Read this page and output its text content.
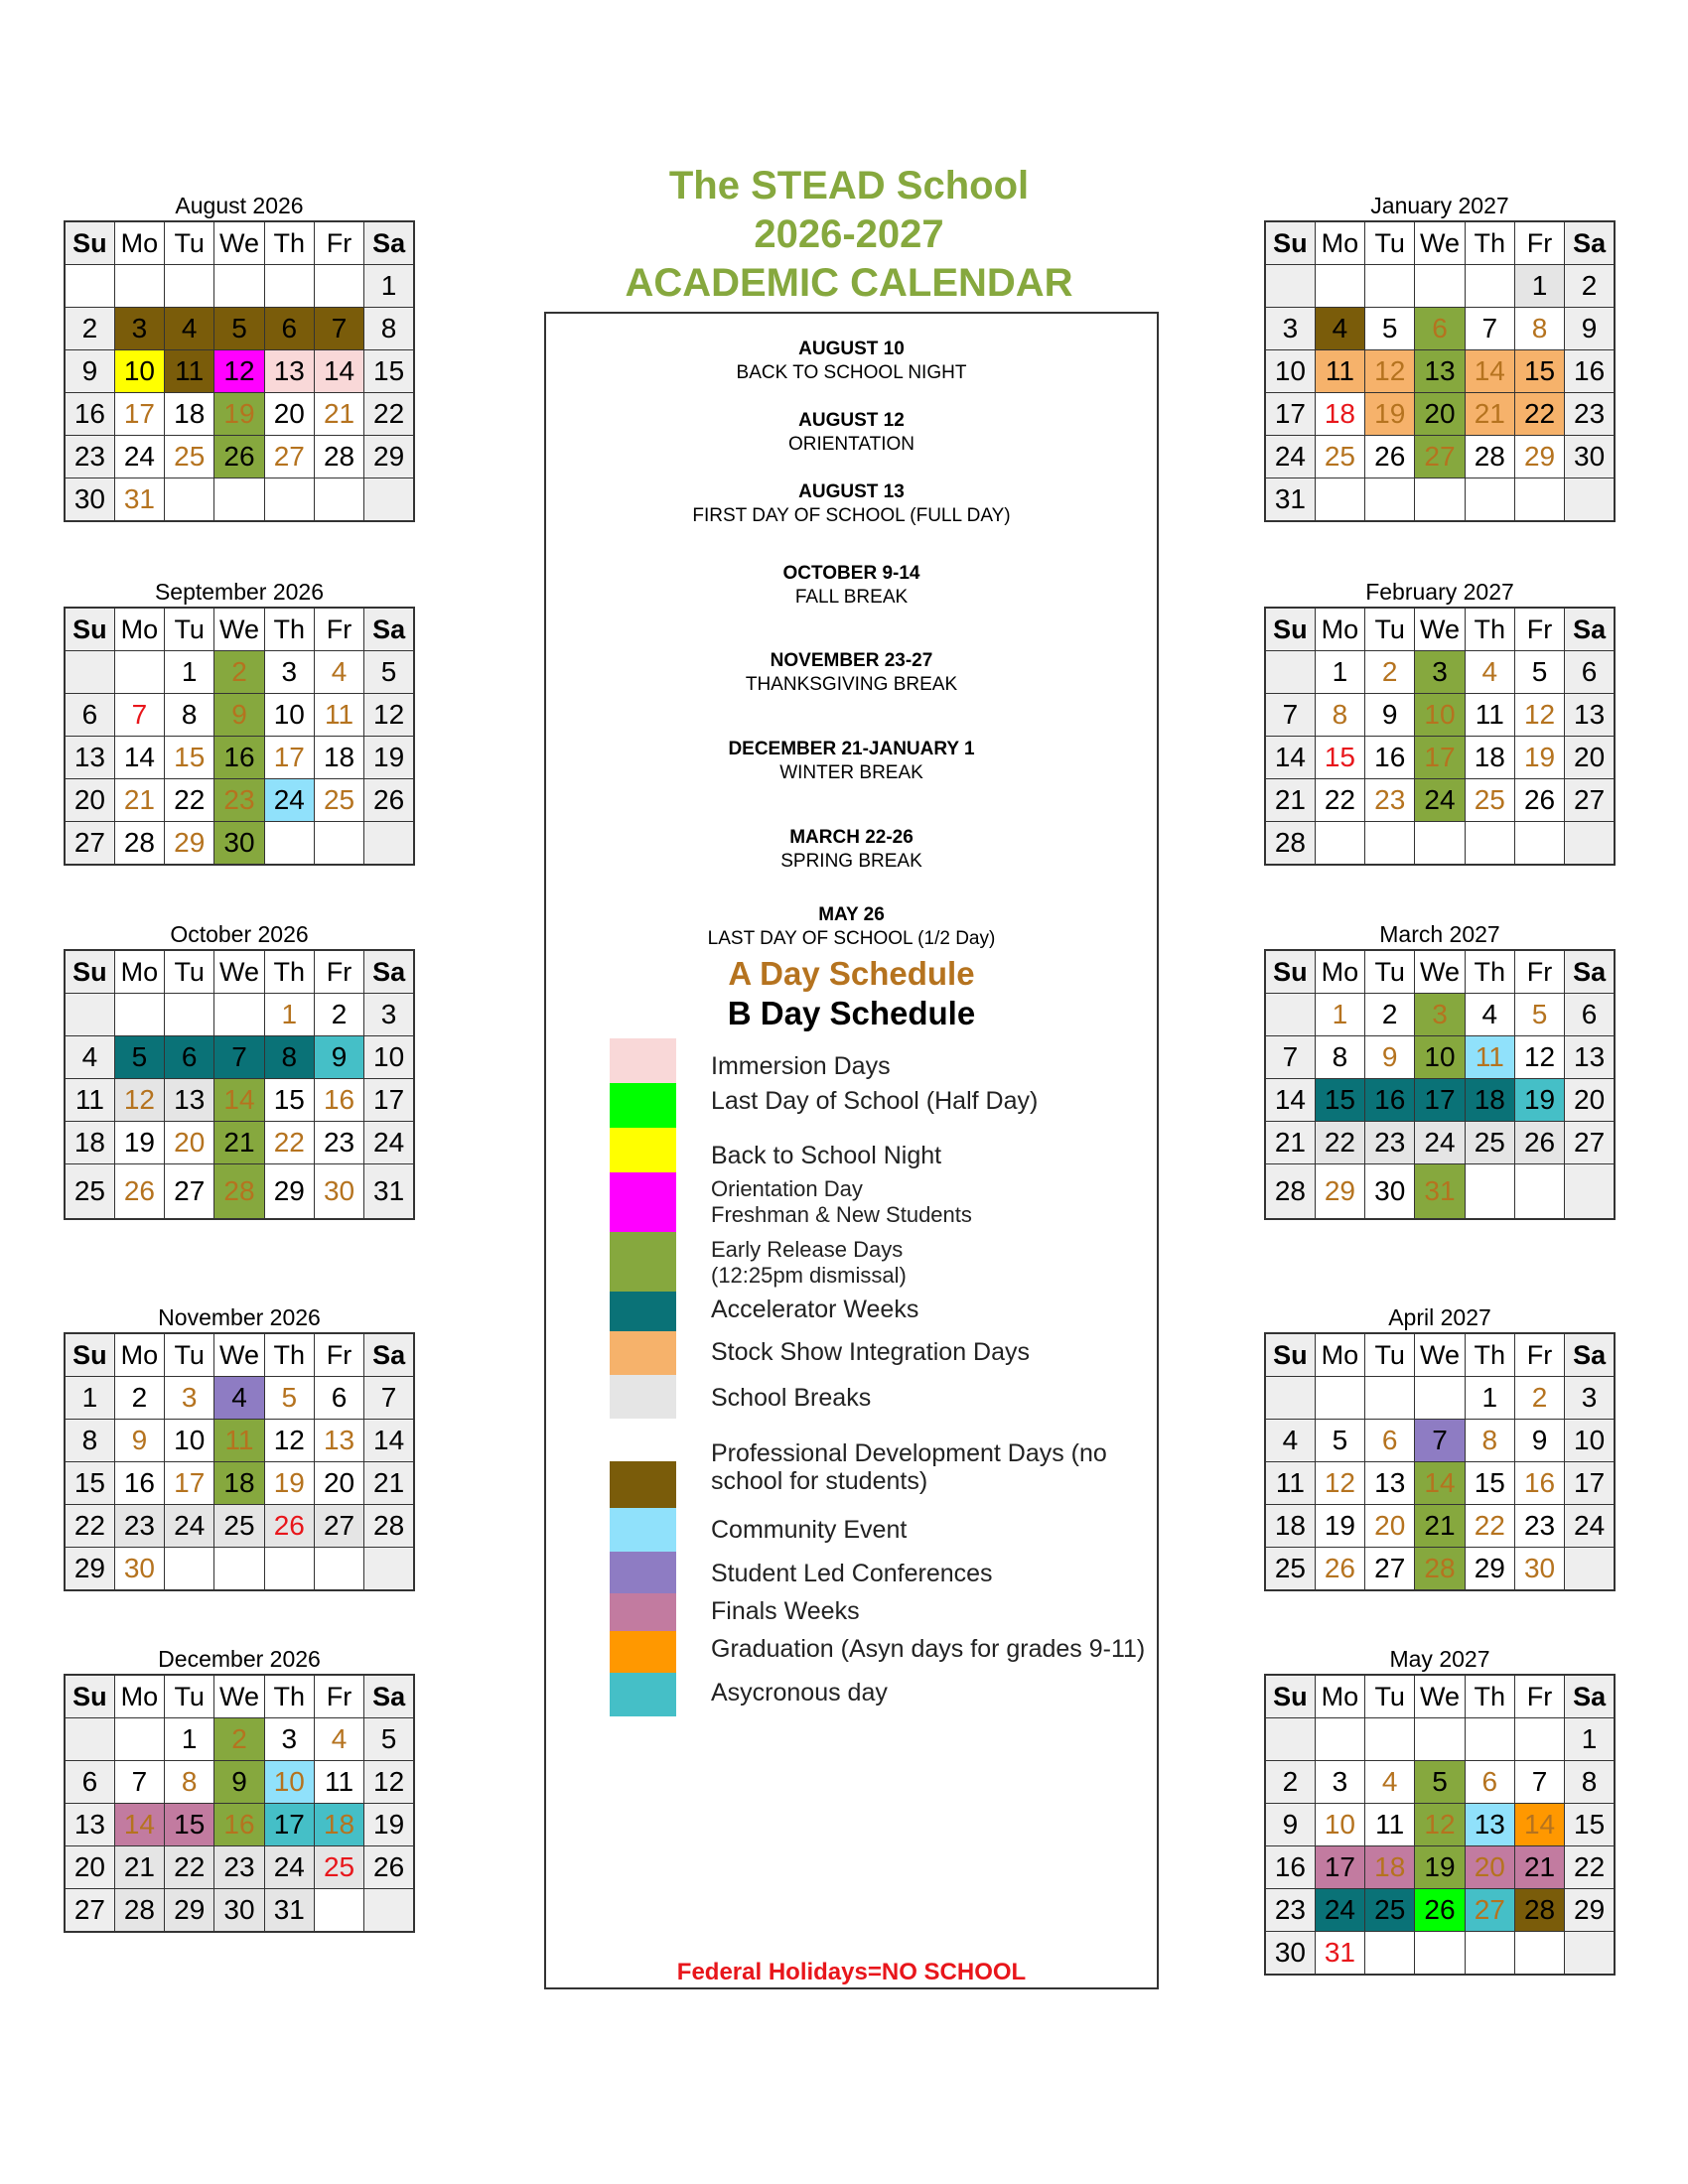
The STEAD School
2026-2027
ACADEMIC CALENDAR
August 2026
Su	Mo	Tu	We	Th	Fr	Sa
						1
2	3	4	5	6	7	8
9	10	11	12	13	14	15
16	17	18	19	20	21	22
23	24	25	26	27	28	29
30	31					
September 2026
Su	Mo	Tu	We	Th	Fr	Sa
		1	2	3	4	5
6	7	8	9	10	11	12
13	14	15	16	17	18	19
20	21	22	23	24	25	26
27	28	29	30			
October 2026
Su	Mo	Tu	We	Th	Fr	Sa
				1	2	3
4	5	6	7	8	9	10
11	12	13	14	15	16	17
18	19	20	21	22	23	24
25	26	27	28	29	30	31
November 2026
Su	Mo	Tu	We	Th	Fr	Sa
1	2	3	4	5	6	7
8	9	10	11	12	13	14
15	16	17	18	19	20	21
22	23	24	25	26	27	28
29	30					
December 2026
Su	Mo	Tu	We	Th	Fr	Sa
		1	2	3	4	5
6	7	8	9	10	11	12
13	14	15	16	17	18	19
20	21	22	23	24	25	26
27	28	29	30	31		
January 2027
Su	Mo	Tu	We	Th	Fr	Sa
					1	2
3	4	5	6	7	8	9
10	11	12	13	14	15	16
17	18	19	20	21	22	23
24	25	26	27	28	29	30
31						
February 2027
Su	Mo	Tu	We	Th	Fr	Sa
	1	2	3	4	5	6
7	8	9	10	11	12	13
14	15	16	17	18	19	20
21	22	23	24	25	26	27
28						
March 2027
Su	Mo	Tu	We	Th	Fr	Sa
	1	2	3	4	5	6
7	8	9	10	11	12	13
14	15	16	17	18	19	20
21	22	23	24	25	26	27
28	29	30	31			
April 2027
Su	Mo	Tu	We	Th	Fr	Sa
				1	2	3
4	5	6	7	8	9	10
11	12	13	14	15	16	17
18	19	20	21	22	23	24
25	26	27	28	29	30	
May 2027
Su	Mo	Tu	We	Th	Fr	Sa
						1
2	3	4	5	6	7	8
9	10	11	12	13	14	15
16	17	18	19	20	21	22
23	24	25	26	27	28	29
30	31					
AUGUST 10
BACK TO SCHOOL NIGHT
AUGUST 12
ORIENTATION
AUGUST 13
FIRST DAY OF SCHOOL (FULL DAY)
OCTOBER 9-14
FALL BREAK
NOVEMBER 23-27
THANKSGIVING BREAK
DECEMBER 21-JANUARY 1
WINTER BREAK
MARCH 22-26
SPRING BREAK
MAY 26
LAST DAY OF SCHOOL (1/2 Day)
A Day Schedule
B Day Schedule
Immersion Days
Last Day of School (Half Day)
Back to School Night
Orientation Day
Freshman & New Students
Early Release Days
(12:25pm dismissal)
Accelerator Weeks
Stock Show Integration Days
School Breaks
Professional Development Days (no
school for students)
Community Event
Student Led Conferences
Finals Weeks
Graduation (Asyn days for grades 9-11)
Asycronous day
Federal Holidays=NO SCHOOL
